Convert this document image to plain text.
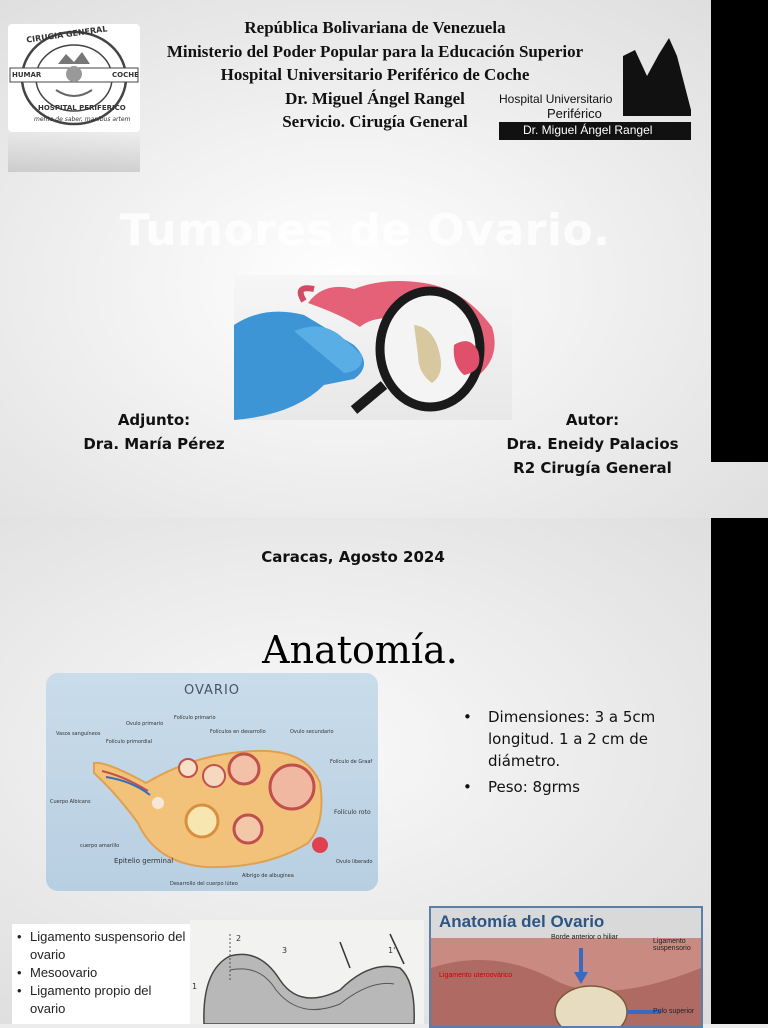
CIRUGIA GENERAL
HUMAR	COCHE
HOSPITAL PERIFERICO
mente de saber, manibus artem
República Bolivariana de Venezuela
Ministerio del Poder Popular para la Educación Superior
Hospital Universitario Periférico de Coche
Dr. Miguel Ángel Rangel
Servicio. Cirugía General
Hospital Universitario
Periférico
Dr. Miguel Ángel Rangel
Tumores de Ovario.
Adjunto:
Dra. María Pérez
Autor:
Dra. Eneidy Palacios
R2 Cirugía General
Caracas, Agosto 2024
Anatomía.
OVARIO
Ovulo primario
Folículo primario
Vasos sanguíneos
Folículo primordial
Folículos en desarrollo	Ovulo secundario
Folículo de Graaf
Cuerpo Albicans
Folículo roto
cuerpo amarillo
Epitelio germinal	Ovulo liberado
Albrigo de albugínea
Desarrollo del cuerpo lúteo
• Dimensiones: 3 a 5cm longitud. 1 a 2 cm de diámetro.
• Peso: 8grms
• Ligamento suspensorio del ovario
• Mesoovario
• Ligamento propio del ovario
2
3
1
1'
Anatomía del Ovario
Borde anterior o hiliar
Ligamento suspensorio
Ligamento uteroovárico
Polo superior
